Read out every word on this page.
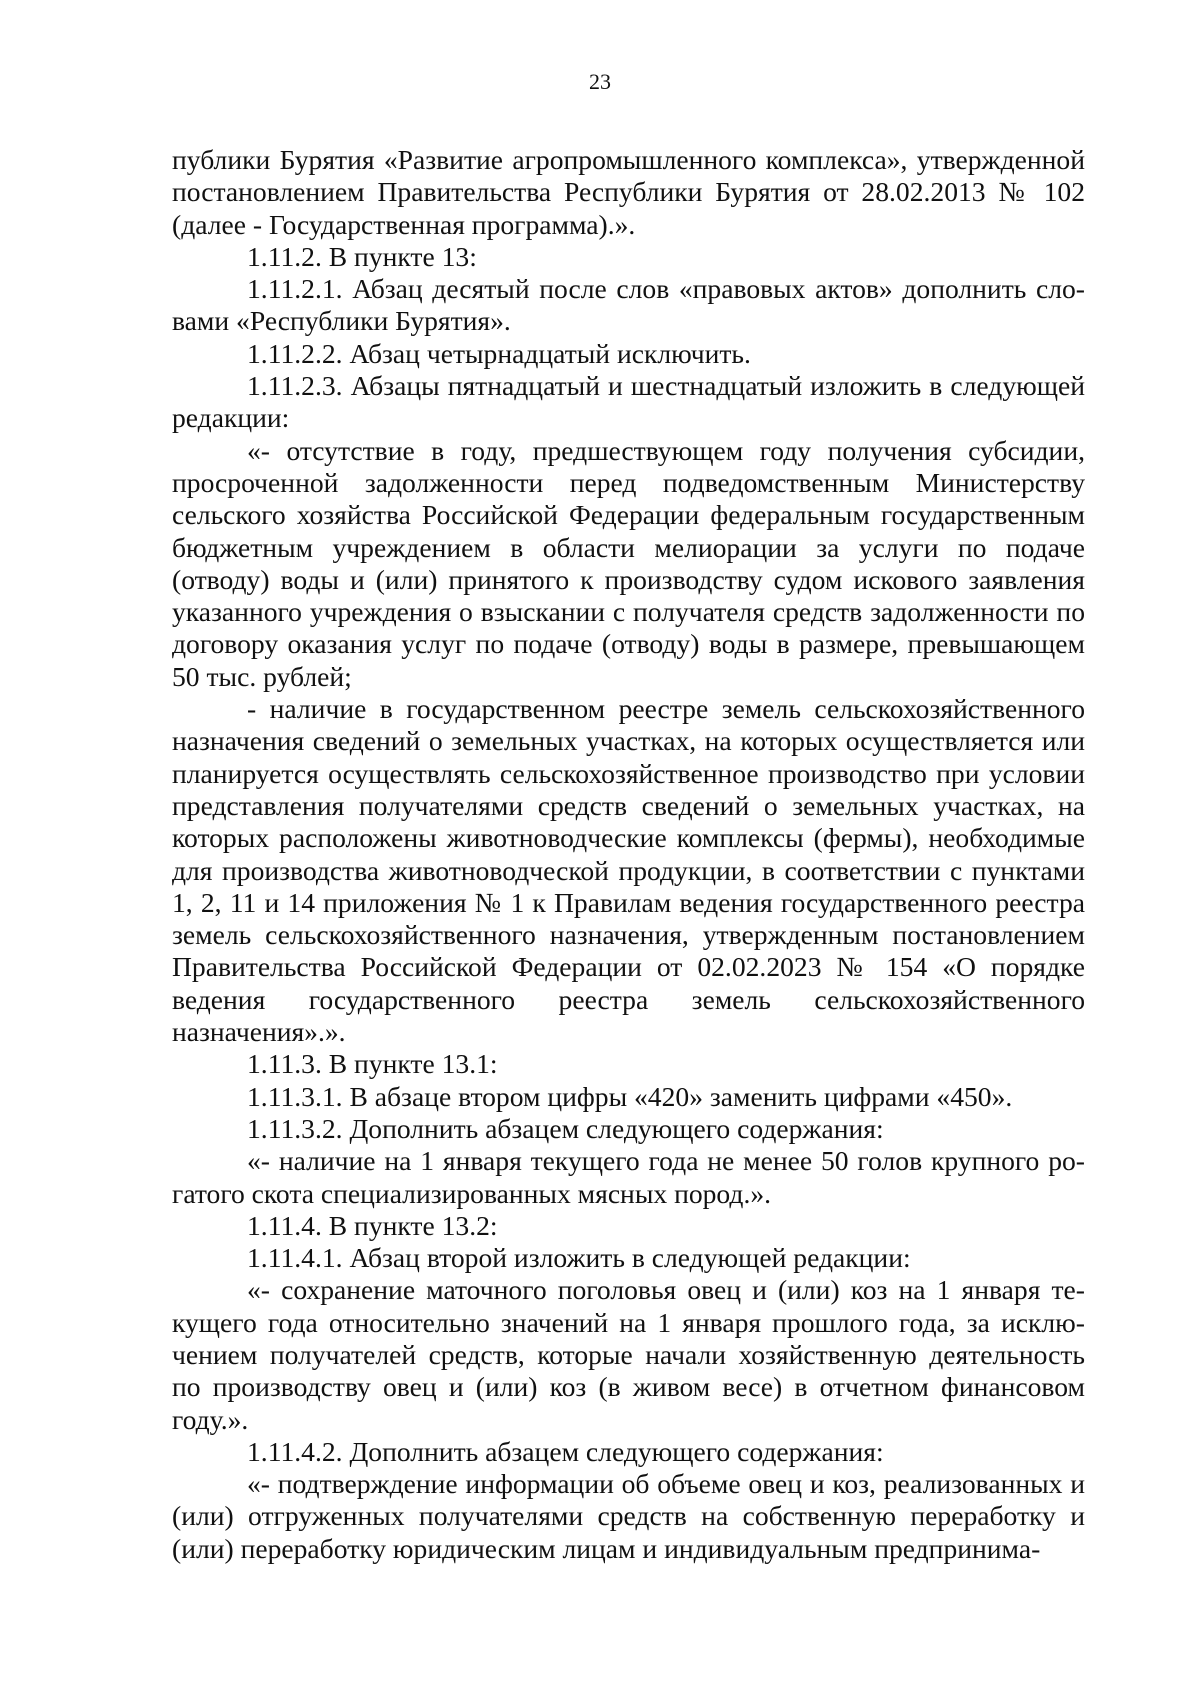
23

публики Бурятия «Развитие агропромышленного комплекса», утвержденной постановлением Правительства Республики Бурятия от 28.02.2013 № 102 (далее - Государственная программа).».

1.11.2. В пункте 13:

1.11.2.1. Абзац десятый после слов «правовых актов» дополнить словами «Республики Бурятия».

1.11.2.2. Абзац четырнадцатый исключить.

1.11.2.3. Абзацы пятнадцатый и шестнадцатый изложить в следующей редакции:

«- отсутствие в году, предшествующем году получения субсидии, просроченной задолженности перед подведомственным Министерству сельского хозяйства Российской Федерации федеральным государственным бюджетным учреждением в области мелиорации за услуги по подаче (отводу) воды и (или) принятого к производству судом искового заявления указанного учреждения о взыскании с получателя средств задолженности по договору оказания услуг по подаче (отводу) воды в размере, превышающем 50 тыс. рублей;

- наличие в государственном реестре земель сельскохозяйственного назначения сведений о земельных участках, на которых осуществляется или планируется осуществлять сельскохозяйственное производство при условии представления получателями средств сведений о земельных участках, на которых расположены животноводческие комплексы (фермы), необходимые для производства животноводческой продукции, в соответствии с пунктами 1, 2, 11 и 14 приложения № 1 к Правилам ведения государственного реестра земель сельскохозяйственного назначения, утвержденным постановлением Правительства Российской Федерации от 02.02.2023 № 154 «О порядке ведения государственного реестра земель сельскохозяйственного назначения».».

1.11.3. В пункте 13.1:

1.11.3.1. В абзаце втором цифры «420» заменить цифрами «450».

1.11.3.2. Дополнить абзацем следующего содержания:

«- наличие на 1 января текущего года не менее 50 голов крупного рогатого скота специализированных мясных пород.».

1.11.4. В пункте 13.2:

1.11.4.1. Абзац второй изложить в следующей редакции:

«- сохранение маточного поголовья овец и (или) коз на 1 января текущего года относительно значений на 1 января прошлого года, за исключением получателей средств, которые начали хозяйственную деятельность по производству овец и (или) коз (в живом весе) в отчетном финансовом году.».

1.11.4.2. Дополнить абзацем следующего содержания:

«- подтверждение информации об объеме овец и коз, реализованных и (или) отгруженных получателями средств на собственную переработку и (или) переработку юридическим лицам и индивидуальным предпринима-
